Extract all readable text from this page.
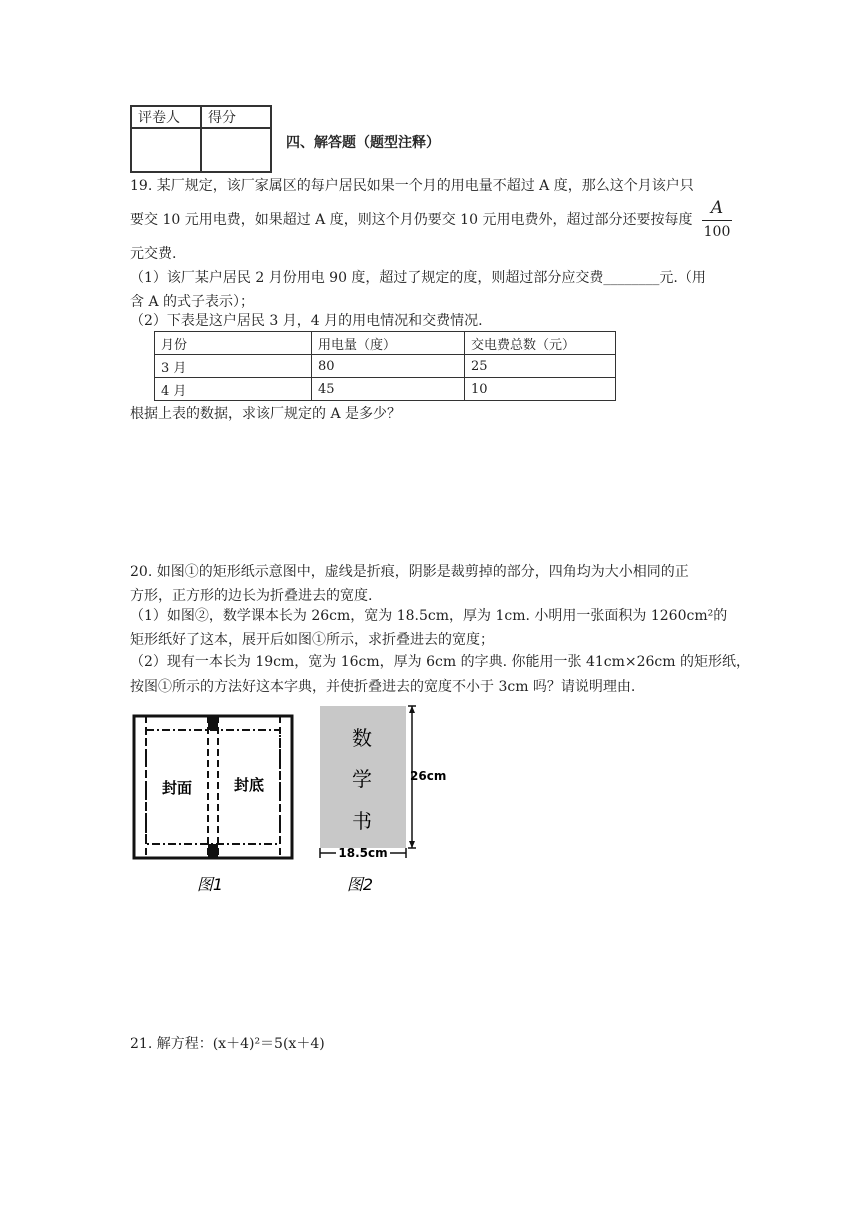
评卷人	得分

四、解答题（题型注释）
19. 某厂规定，该厂家属区的每户居民如果一个月的用电量不超过 A 度，那么这个月该户只
要交 10 元用电费，如果超过 A 度，则这个月仍要交 10 元用电费外，超过部分还要按每度
A
100
元交费.
（1）该厂某户居民 2 月份用电 90 度，超过了规定的度，则超过部分应交费________元.（用
含 A 的式子表示）；
（2）下表是这户居民 3 月，4 月的用电情况和交费情况.
月份	用电量（度）	交电费总数（元）
3 月	80	25
4 月	45	10
根据上表的数据，求该厂规定的 A 是多少？
20. 如图①的矩形纸示意图中，虚线是折痕，阴影是裁剪掉的部分，四角均为大小相同的正
方形，正方形的边长为折叠进去的宽度.
（1）如图②，数学课本长为 26cm，宽为 18.5cm，厚为 1cm. 小明用一张面积为 1260cm²的
矩形纸好了这本，展开后如图①所示，求折叠进去的宽度；
（2）现有一本长为 19cm，宽为 16cm，厚为 6cm 的字典. 你能用一张 41cm×26cm 的矩形纸，
按图①所示的方法好这本字典，并使折叠进去的宽度不小于 3cm 吗？请说明理由.
封面	封底
图1
数
学
书
26cm
18.5cm
图2
21. 解方程：(x＋4)²＝5(x＋4)
